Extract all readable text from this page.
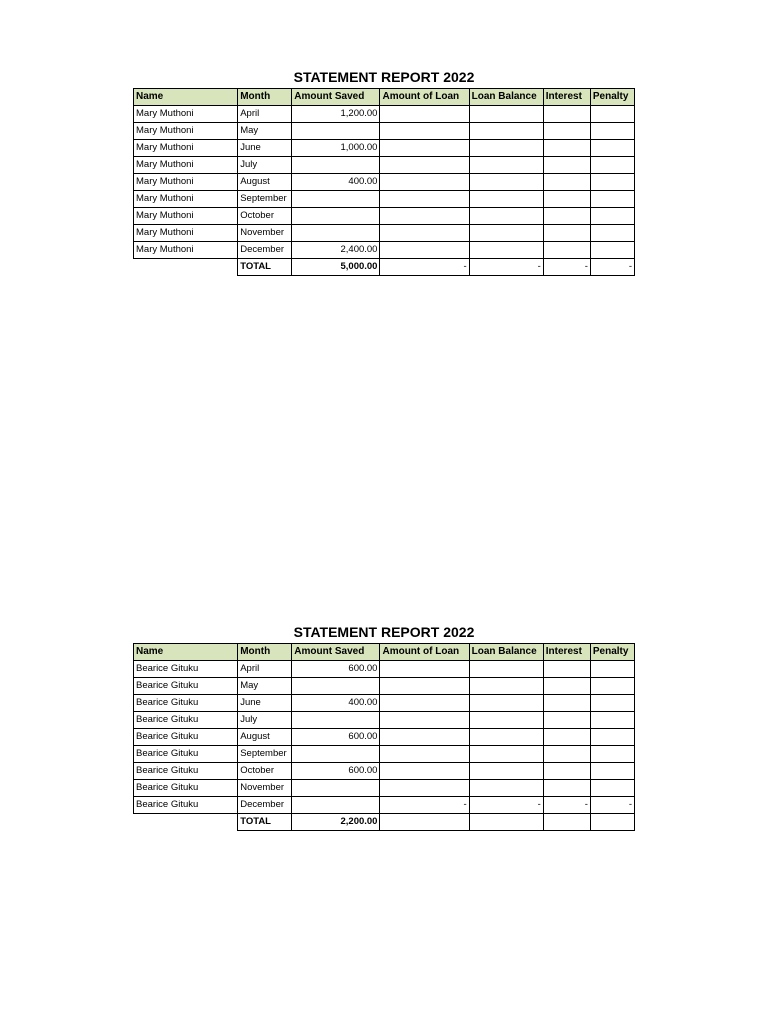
STATEMENT REPORT 2022
Name	Month	Amount Saved	Amount of Loan	Loan Balance	Interest	Penalty
Mary Muthoni	April	1,200.00				
Mary Muthoni	May					
Mary Muthoni	June	1,000.00				
Mary Muthoni	July					
Mary Muthoni	August	400.00				
Mary Muthoni	September					
Mary Muthoni	October					
Mary Muthoni	November					
Mary Muthoni	December	2,400.00				
	TOTAL	5,000.00	-	-	-	-
STATEMENT REPORT 2022
Name	Month	Amount Saved	Amount of Loan	Loan Balance	Interest	Penalty
Bearice Gituku	April	600.00				
Bearice Gituku	May					
Bearice Gituku	June	400.00				
Bearice Gituku	July					
Bearice Gituku	August	600.00				
Bearice Gituku	September					
Bearice Gituku	October	600.00				
Bearice Gituku	November					
Bearice Gituku	December		-	-	-	-
	TOTAL	2,200.00				
